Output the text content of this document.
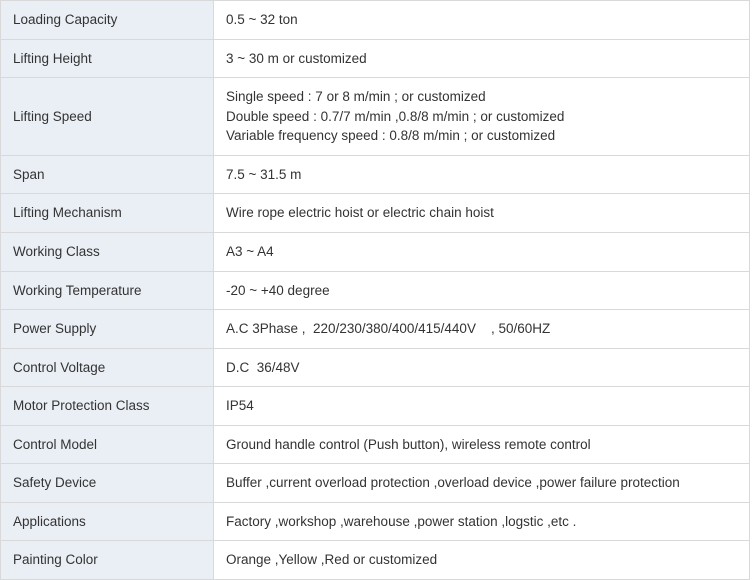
Loading Capacity	0.5 ~ 32 ton

Lifting Height	3 ~ 30 m or customized

Lifting Speed	Single speed : 7 or 8 m/min ; or customized
Double speed : 0.7/7 m/min ,0.8/8 m/min ; or customized
Variable frequency speed : 0.8/8 m/min ; or customized

Span	7.5 ~ 31.5 m

Lifting Mechanism	Wire rope electric hoist or electric chain hoist

Working Class	A3 ~ A4

Working Temperature	-20 ~ +40 degree

Power Supply	A.C 3Phase ,  220/230/380/400/415/440V    , 50/60HZ

Control Voltage	D.C  36/48V

Motor Protection Class	IP54

Control Model	Ground handle control (Push button), wireless remote control

Safety Device	Buffer ,current overload protection ,overload device ,power failure protection

Applications	Factory ,workshop ,warehouse ,power station ,logstic ,etc .

Painting Color	Orange ,Yellow ,Red or customized
